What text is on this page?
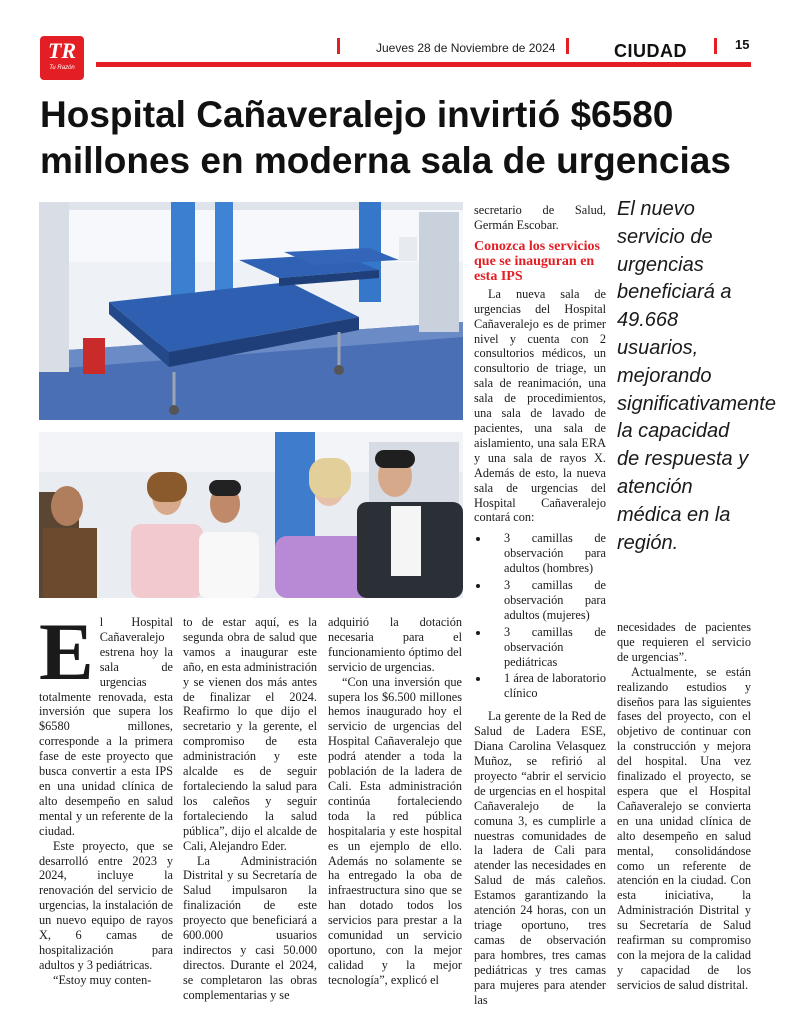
TR
Tu Razón
Jueves 28 de Noviembre de 2024	CIUDAD	15
Hospital Cañaveralejo invirtió $6580 millones en moderna sala de urgencias

El Hospital Cañaveralejo estrena hoy la sala de urgencias totalmente renovada, esta inversión que supera los $6580 millones, corresponde a la primera fase de este proyecto que busca convertir a esta IPS en una unidad clínica de alto desempeño en salud mental y un referente de la ciudad.

Este proyecto, que se desarrolló entre 2023 y 2024, incluye la renovación del servicio de urgencias, la instalación de un nuevo equipo de rayos X, 6 camas de hospitalización para adultos y 3 pediátricas.

“Estoy muy conten-

to de estar aquí, es la segunda obra de salud que vamos a inaugurar este año, en esta administración y se vienen dos más antes de finalizar el 2024. Reafirmo lo que dijo el secretario y la gerente, el compromiso de esta administración y este alcalde es de seguir fortaleciendo la salud para los caleños y seguir fortaleciendo la salud pública”, dijo el alcalde de Cali, Alejandro Eder.

La Administración Distrital y su Secretaría de Salud impulsaron la finalización de este proyecto que beneficiará a 600.000 usuarios indirectos y casi 50.000 directos. Durante el 2024, se completaron las obras complementarias y se

adquirió la dotación necesaria para el funcionamiento óptimo del servicio de urgencias.

“Con una inversión que supera los $6.500 millones hemos inaugurado hoy el servicio de urgencias del Hospital Cañaveralejo que podrá atender a toda la población de la ladera de Cali. Esta administración continúa fortaleciendo toda la red pública hospitalaria y este hospital es un ejemplo de ello. Además no solamente se ha entregado la oba de infraestructura sino que se han dotado todos los servicios para prestar a la comunidad un servicio oportuno, con la mejor calidad y la mejor tecnología”, explicó el

secretario de Salud, Germán Escobar.

Conozca los servicios que se inauguran en esta IPS

La nueva sala de urgencias del Hospital Cañaveralejo es de primer nivel y cuenta con 2 consultorios médicos, un consultorio de triage, un sala de reanimación, una sala de procedimientos, una sala de lavado de pacientes, una sala de aislamiento, una sala ERA y una sala de rayos X. Además de esto, la nueva sala de urgencias del Hospital Cañaveralejo contará con:

• 3 camillas de observación para adultos (hombres)
• 3 camillas de observación para adultos (mujeres)
• 3 camillas de observación pediátricas
• 1 área de laboratorio clínico

La gerente de la Red de Salud de Ladera ESE, Diana Carolina Velasquez Muñoz, se refirió al proyecto “abrir el servicio de urgencias en el hospital Cañaveralejo de la comuna 3, es cumplirle a nuestras comunidades de la ladera de Cali para atender las necesidades en Salud de más caleños. Estamos garantizando la atención 24 horas, con un triage oportuno, tres camas de observación para hombres, tres camas pediátricas y tres camas para mujeres para atender las

El nuevo servicio de urgencias beneficiará a 49.668 usuarios, mejorando significativamente la capacidad de respuesta y atención médica en la región.

necesidades de pacientes que requieren el servicio de urgencias”.

Actualmente, se están realizando estudios y diseños para las siguientes fases del proyecto, con el objetivo de continuar con la construcción y mejora del hospital. Una vez finalizado el proyecto, se espera que el Hospital Cañaveralejo se convierta en una unidad clínica de alto desempeño en salud mental, consolidándose como un referente de atención en la ciudad. Con esta iniciativa, la Administración Distrital y su Secretaría de Salud reafirman su compromiso con la mejora de la calidad y capacidad de los servicios de salud distrital.
